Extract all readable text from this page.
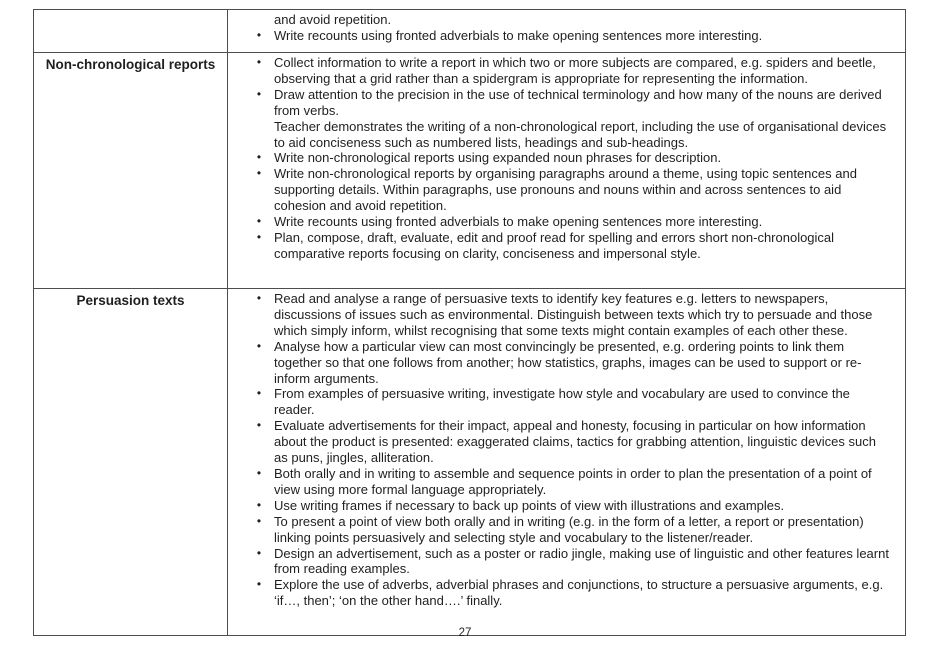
	and avoid repetition.
• Write recounts using fronted adverbials to make opening sentences more interesting.

Non-chronological reports	• Collect information to write a report in which two or more subjects are compared, e.g. spiders and beetle, observing that a grid rather than a spidergram is appropriate for representing the information.
• Draw attention to the precision in the use of technical terminology and how many of the nouns are derived from verbs.
Teacher demonstrates the writing of a non-chronological report, including the use of organisational devices to aid conciseness such as numbered lists, headings and sub-headings.
• Write non-chronological reports using expanded noun phrases for description.
• Write non-chronological reports by organising paragraphs around a theme, using topic sentences and supporting details. Within paragraphs, use pronouns and nouns within and across sentences to aid cohesion and avoid repetition.
• Write recounts using fronted adverbials to make opening sentences more interesting.
• Plan, compose, draft, evaluate, edit and proof read for spelling and errors short non-chronological comparative reports focusing on clarity, conciseness and impersonal style.

Persuasion texts	• Read and analyse a range of persuasive texts to identify key features e.g. letters to newspapers, discussions of issues such as environmental. Distinguish between texts which try to persuade and those which simply inform, whilst recognising that some texts might contain examples of each other these.
• Analyse how a particular view can most convincingly be presented, e.g. ordering points to link them together so that one follows from another; how statistics, graphs, images can be used to support or re-inform arguments.
• From examples of persuasive writing, investigate how style and vocabulary are used to convince the reader.
• Evaluate advertisements for their impact, appeal and honesty, focusing in particular on how information about the product is presented: exaggerated claims, tactics for grabbing attention, linguistic devices such as puns, jingles, alliteration.
• Both orally and in writing to assemble and sequence points in order to plan the presentation of a point of view using more formal language appropriately.
• Use writing frames if necessary to back up points of view with illustrations and examples.
• To present a point of view both orally and in writing (e.g. in the form of a letter, a report or presentation) linking points persuasively and selecting style and vocabulary to the listener/reader.
• Design an advertisement, such as a poster or radio jingle, making use of linguistic and other features learnt from reading examples.
• Explore the use of adverbs, adverbial phrases and conjunctions, to structure a persuasive arguments, e.g. ‘if…, then’; ‘on the other hand….’ finally.
27
